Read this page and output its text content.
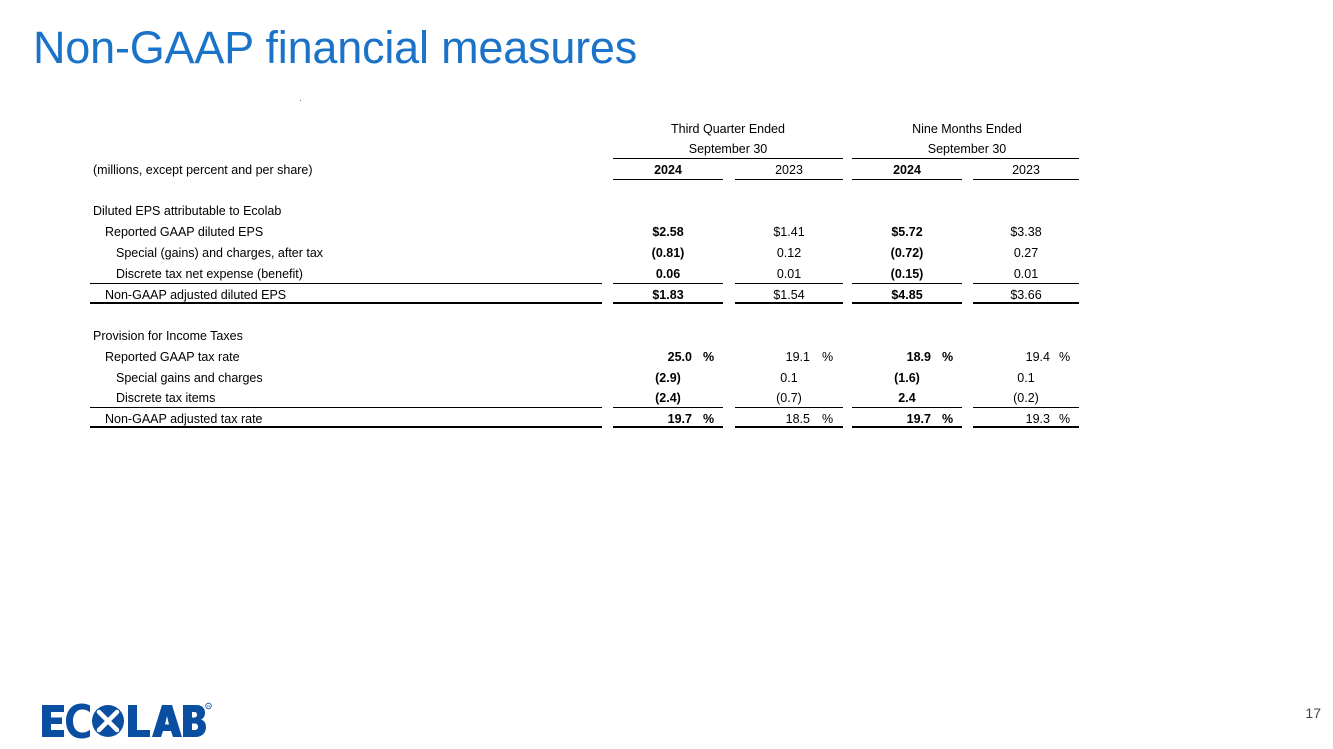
Non-GAAP financial measures
Third Quarter Ended
September 30
Nine Months Ended
September 30
(millions, except percent and per share)	2024	2023	2024	2023
Diluted EPS attributable to Ecolab
Reported GAAP diluted EPS	$2.58	$1.41	$5.72	$3.38
Special (gains) and charges, after tax	(0.81)	0.12	(0.72)	0.27
Discrete tax net expense (benefit)	0.06	0.01	(0.15)	0.01
Non-GAAP adjusted diluted EPS	$1.83	$1.54	$4.85	$3.66
Provision for Income Taxes
Reported GAAP tax rate	25.0 %	19.1 %	18.9 %	19.4 %
Special gains and charges	(2.9)	0.1	(1.6)	0.1
Discrete tax items	(2.4)	(0.7)	2.4	(0.2)
Non-GAAP adjusted tax rate	19.7 %	18.5 %	19.7 %	19.3 %
R	17
